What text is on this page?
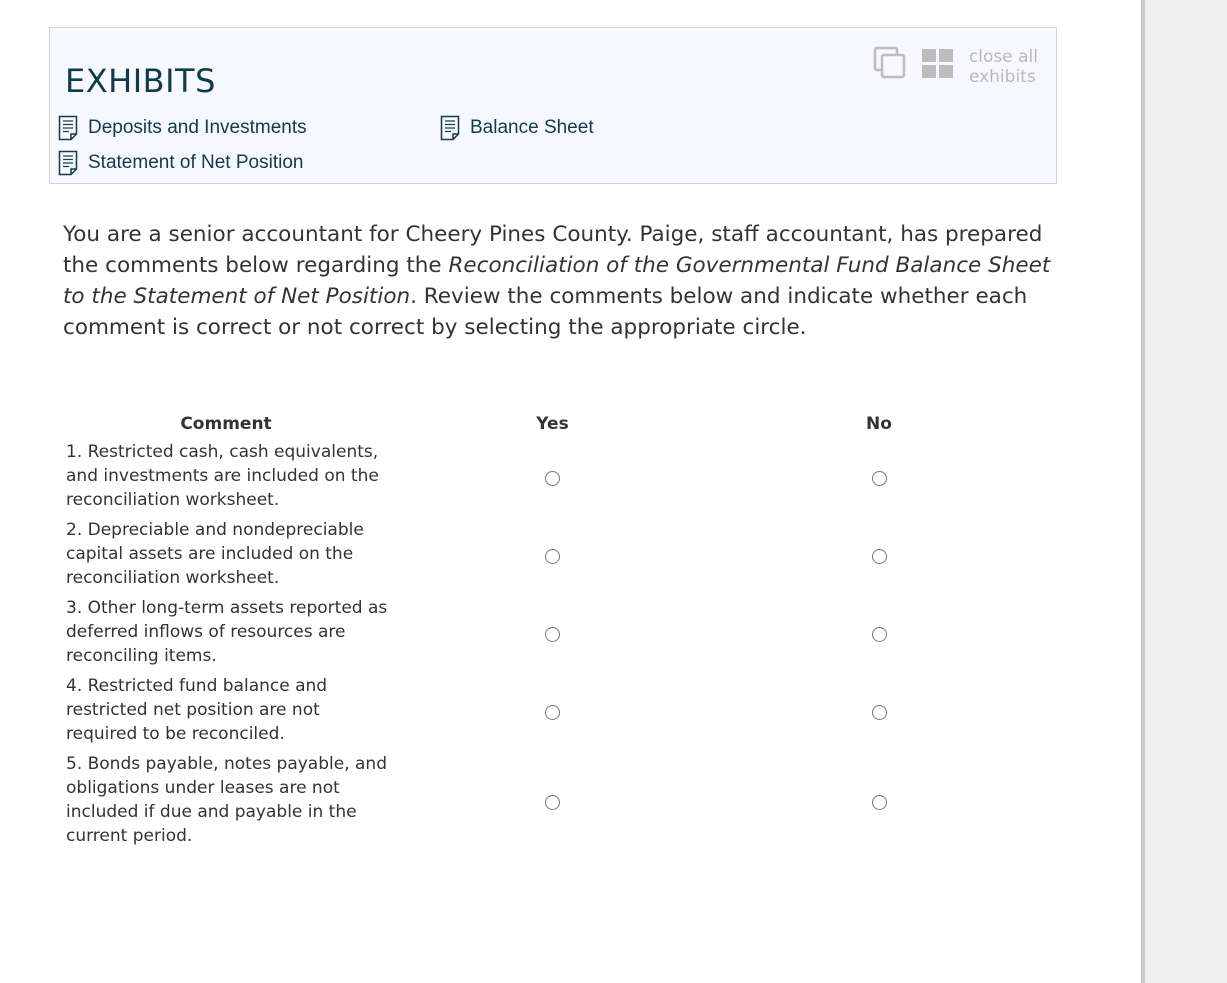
EXHIBITS
Deposits and Investments	Balance Sheet
Statement of Net Position
close all
exhibits
You are a senior accountant for Cheery Pines County. Paige, staff accountant, has prepared the comments below regarding the Reconciliation of the Governmental Fund Balance Sheet to the Statement of Net Position. Review the comments below and indicate whether each comment is correct or not correct by selecting the appropriate circle.
Comment	Yes	No
1. Restricted cash, cash equivalents, and investments are included on the reconciliation worksheet.		
2. Depreciable and nondepreciable capital assets are included on the reconciliation worksheet.		
3. Other long-term assets reported as deferred inflows of resources are reconciling items.		
4. Restricted fund balance and restricted net position are not required to be reconciled.		
5. Bonds payable, notes payable, and obligations under leases are not included if due and payable in the current period.		
